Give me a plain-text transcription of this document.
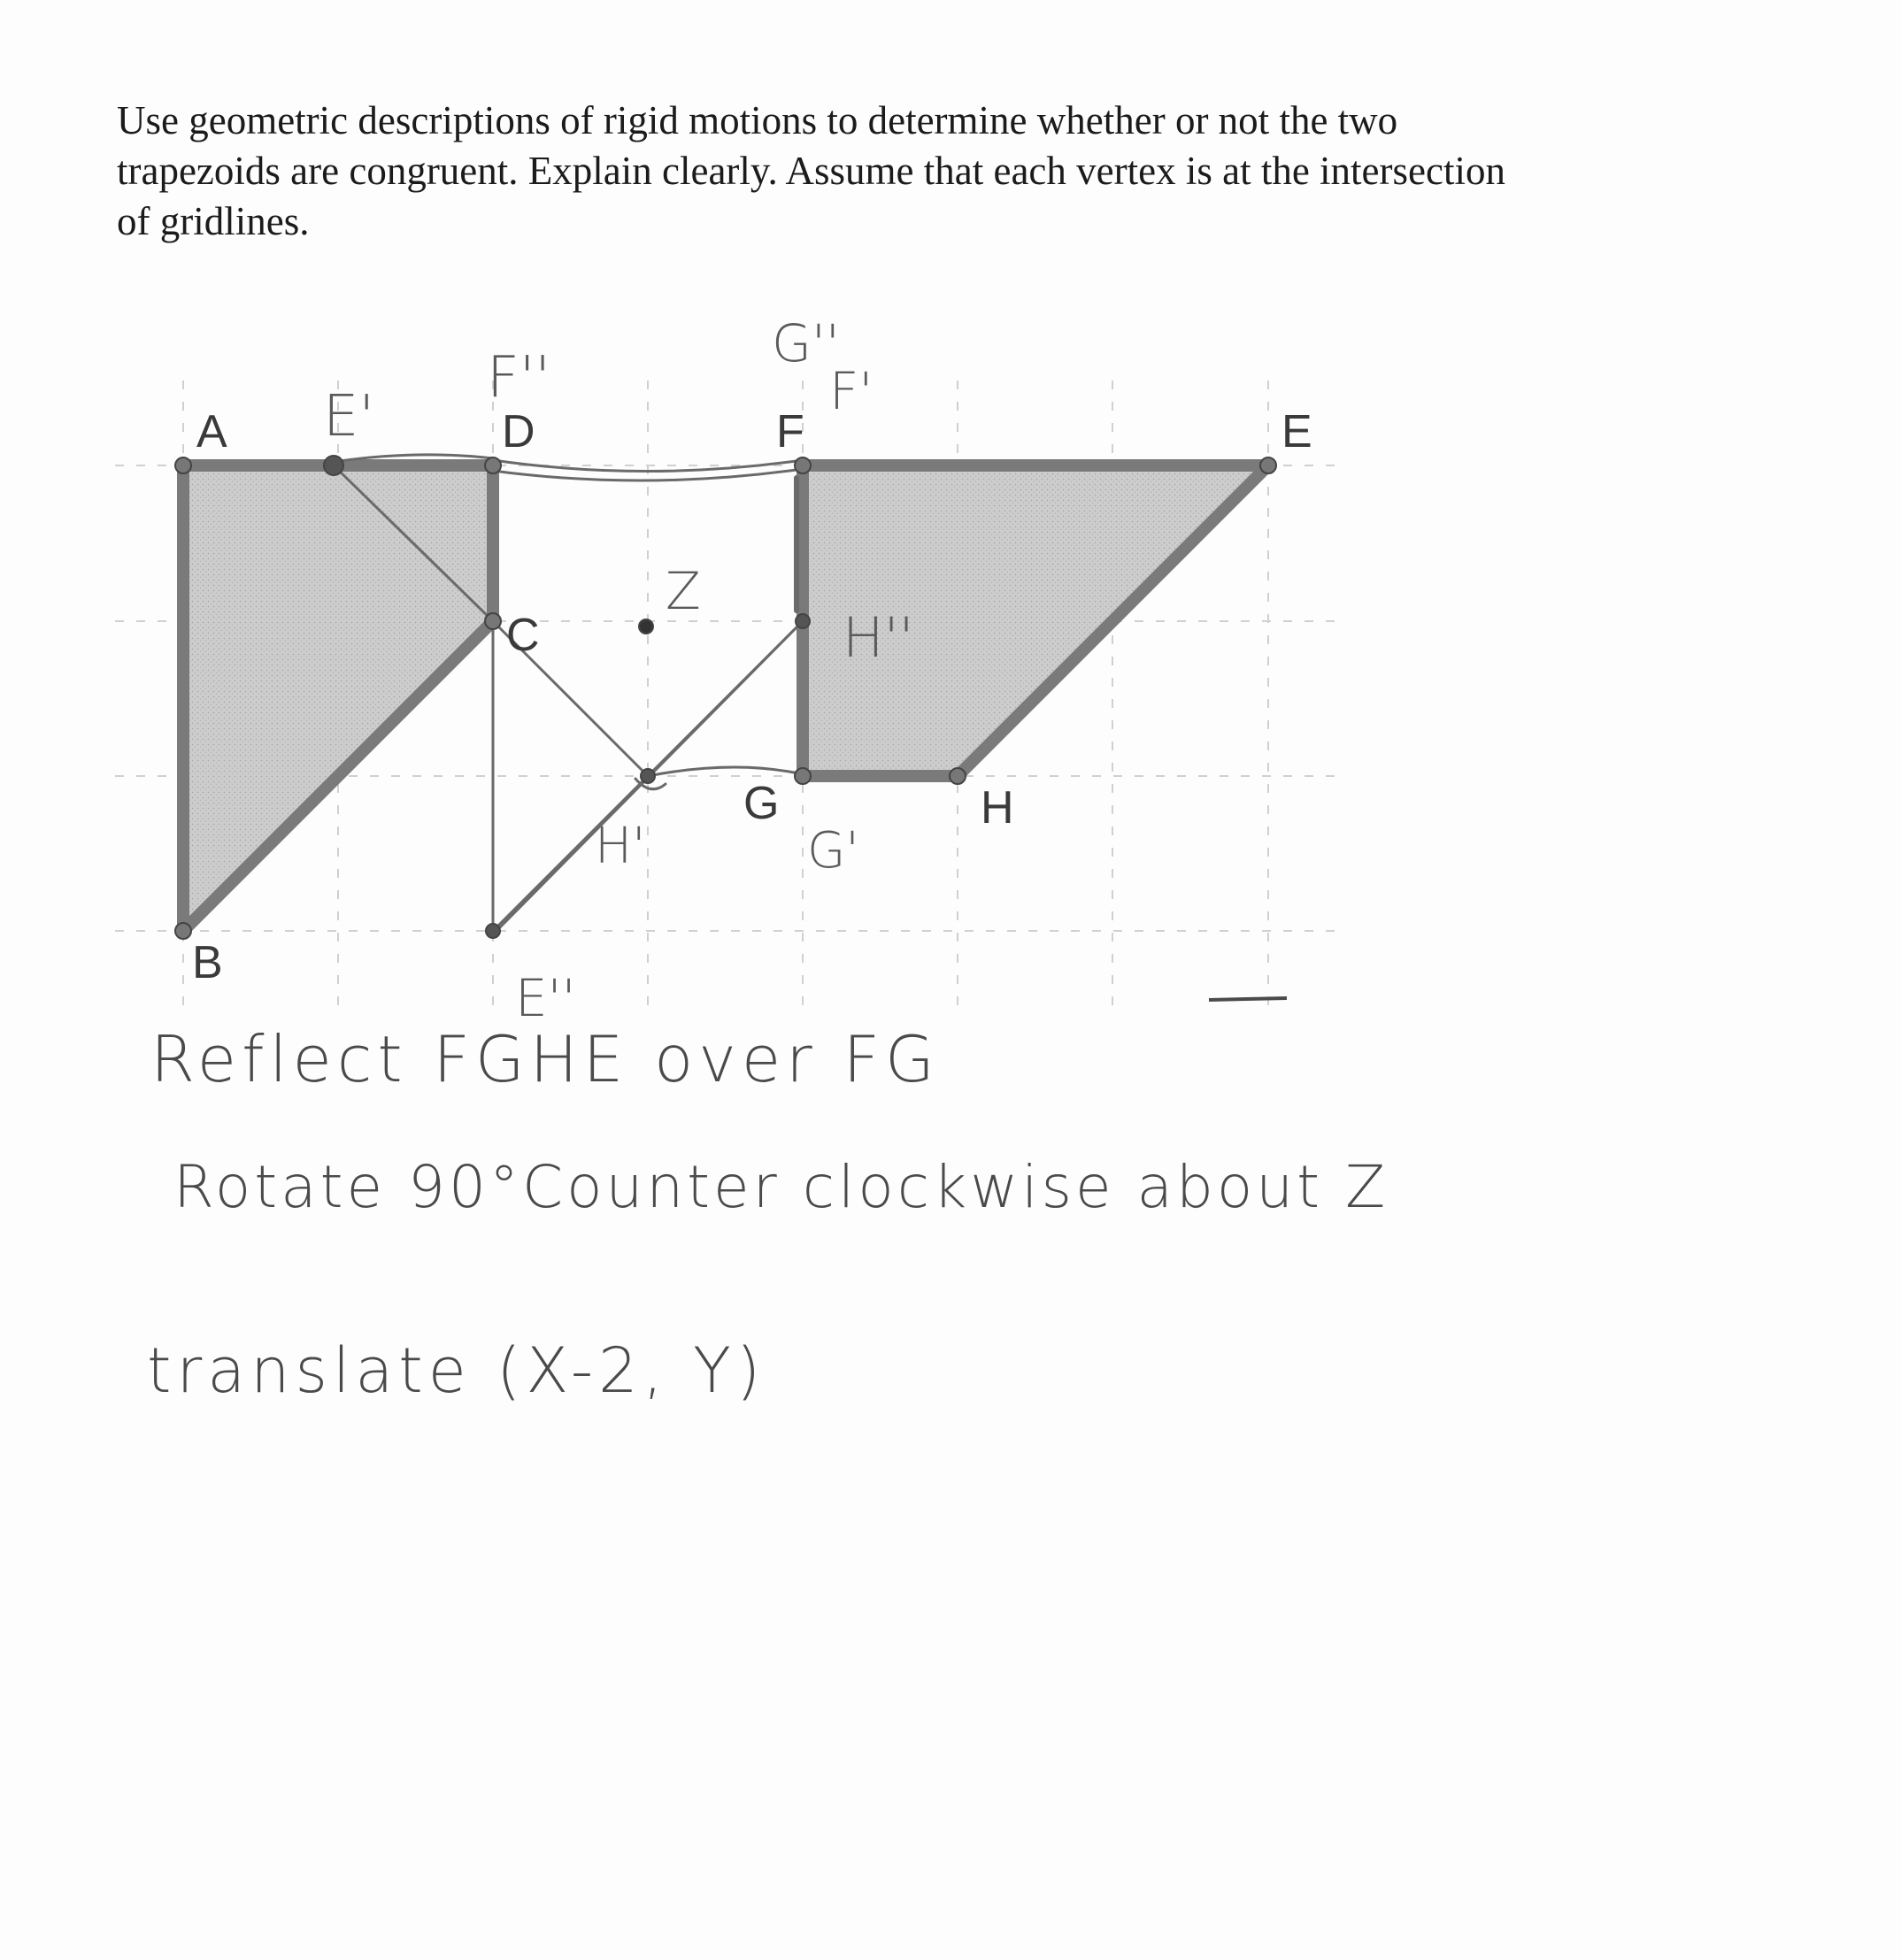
Use geometric descriptions of rigid motions to determine whether or not the two
trapezoids are congruent. Explain clearly. Assume that each vertex is at the intersection
of gridlines.
A
B
C
D	E
F
G	H
E'
F''
G''
F'
Z
H''
H'	G'
E''

Reflect FGHE over FG

Rotate 90°Counter clockwise about Z

translate (X-2, Y)
